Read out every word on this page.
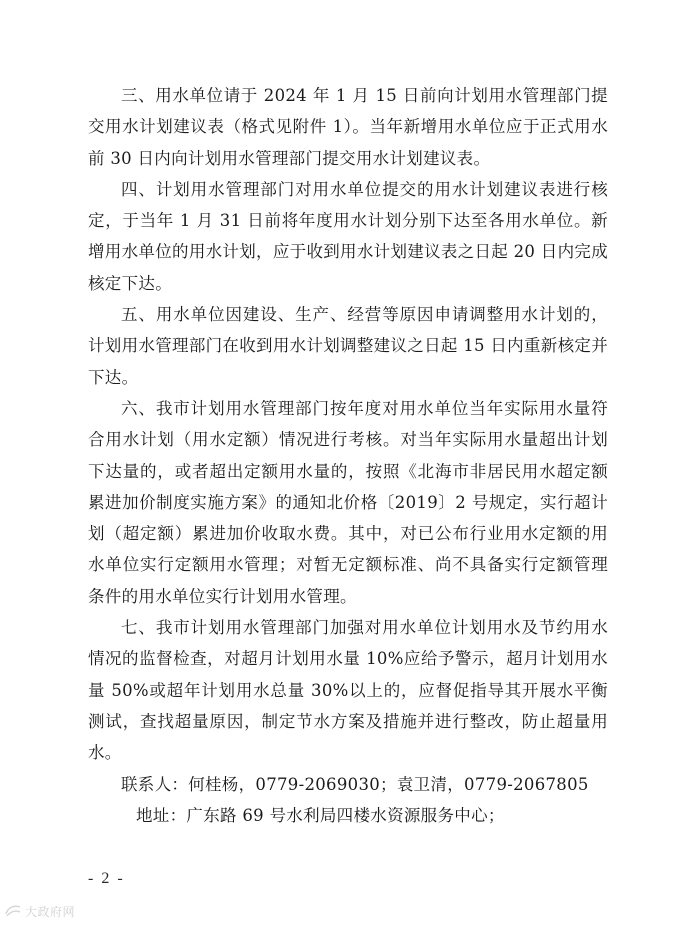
三、用水单位请于 2024 年 1 月 15 日前向计划用水管理部门提交用水计划建议表（格式见附件 1）。当年新增用水单位应于正式用水前 30 日内向计划用水管理部门提交用水计划建议表。

四、计划用水管理部门对用水单位提交的用水计划建议表进行核定，于当年 1 月 31 日前将年度用水计划分别下达至各用水单位。新增用水单位的用水计划，应于收到用水计划建议表之日起 20 日内完成核定下达。

五、用水单位因建设、生产、经营等原因申请调整用水计划的，计划用水管理部门在收到用水计划调整建议之日起 15 日内重新核定并下达。

六、我市计划用水管理部门按年度对用水单位当年实际用水量符合用水计划（用水定额）情况进行考核。对当年实际用水量超出计划下达量的，或者超出定额用水量的，按照《北海市非居民用水超定额累进加价制度实施方案》的通知北价格〔2019〕2 号规定，实行超计划（超定额）累进加价收取水费。其中，对已公布行业用水定额的用水单位实行定额用水管理；对暂无定额标准、尚不具备实行定额管理条件的用水单位实行计划用水管理。

七、我市计划用水管理部门加强对用水单位计划用水及节约用水情况的监督检查，对超月计划用水量 10%应给予警示，超月计划用水量 50%或超年计划用水总量 30%以上的，应督促指导其开展水平衡测试，查找超量原因，制定节水方案及措施并进行整改，防止超量用水。

联系人：何桂杨，0779-2069030；袁卫清，0779-2067805

地址：广东路 69 号水利局四楼水资源服务中心；

- 2 -
大政府网
